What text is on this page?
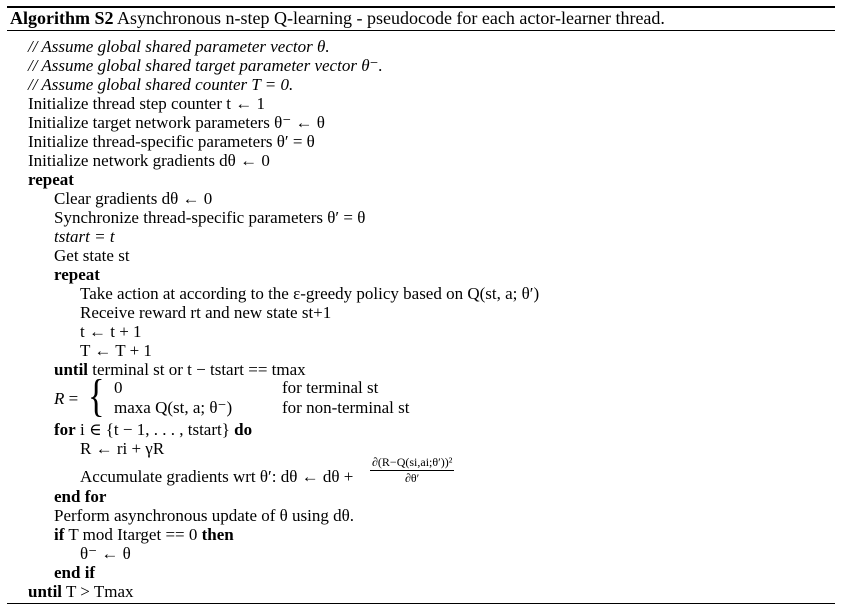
Algorithm S2 Asynchronous n-step Q-learning - pseudocode for each actor-learner thread.
// Assume global shared parameter vector θ.
// Assume global shared target parameter vector θ⁻.
// Assume global shared counter T = 0.
Initialize thread step counter t ← 1
Initialize target network parameters θ⁻ ← θ
Initialize thread-specific parameters θ′ = θ
Initialize network gradients dθ ← 0
repeat
Clear gradients dθ ← 0
Synchronize thread-specific parameters θ′ = θ
tstart = t
Get state st
repeat
Take action at according to the ε-greedy policy based on Q(st, a; θ′)
Receive reward rt and new state st+1
t ← t + 1
T ← T + 1
until terminal st or t − tstart == tmax
R = { 0	for terminal st
maxa Q(st, a; θ⁻)	for non-terminal st
for i ∈ {t − 1, . . . , tstart} do
R ← ri + γR
Accumulate gradients wrt θ′: dθ ← $d\theta + \frac{\text{∂(R−Q(si,ai;θ′))²}}{\partial\theta'}$
end for
Perform asynchronous update of θ using dθ.
if T mod Itarget == 0 then
θ⁻ ← θ
end if
until T > Tmax
